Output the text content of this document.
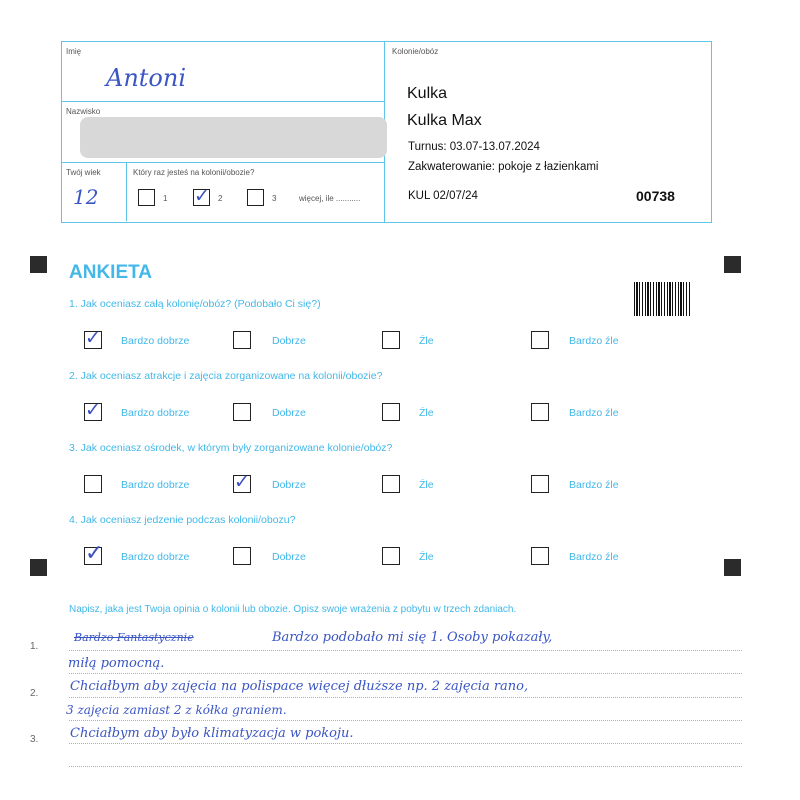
Imię
Antoni
Nazwisko
Twój wiek
12
Który raz jesteś na kolonii/obozie?
1 ✓ 2	3	więcej, ile ...........
Kolonie/obóz
Kulka
Kulka Max
Turnus: 03.07-13.07.2024
Zakwaterowanie: pokoje z łazienkami
KUL 02/07/24	00738
ANKIETA
1. Jak oceniasz całą kolonię/obóz? (Podobało Ci się?)
✓ Bardzo dobrze	Dobrze	Źle	Bardzo źle
2. Jak oceniasz atrakcje i zajęcia zorganizowane na kolonii/obozie?
✓ Bardzo dobrze	Dobrze	Źle	Bardzo źle
3. Jak oceniasz ośrodek, w którym były zorganizowane kolonie/obóz?
Bardzo dobrze ✓ Dobrze	Źle	Bardzo źle
4. Jak oceniasz jedzenie podczas kolonii/obozu?
✓ Bardzo dobrze	Dobrze	Źle	Bardzo źle
Napisz, jaka jest Twoja opinia o kolonii lub obozie. Opisz swoje wrażenia z pobytu w trzech zdaniach.
1.
2.
3.
Bardzo Fantastycznie	Bardzo podobało mi się 1. Osoby pokazały,
miłą pomocną.
Chciałbym aby zajęcia na polispace więcej dłuższe np. 2 zajęcia rano,
3 zajęcia zamiast 2 z kółka graniem.
Chciałbym aby było klimatyzacja w pokoju.
